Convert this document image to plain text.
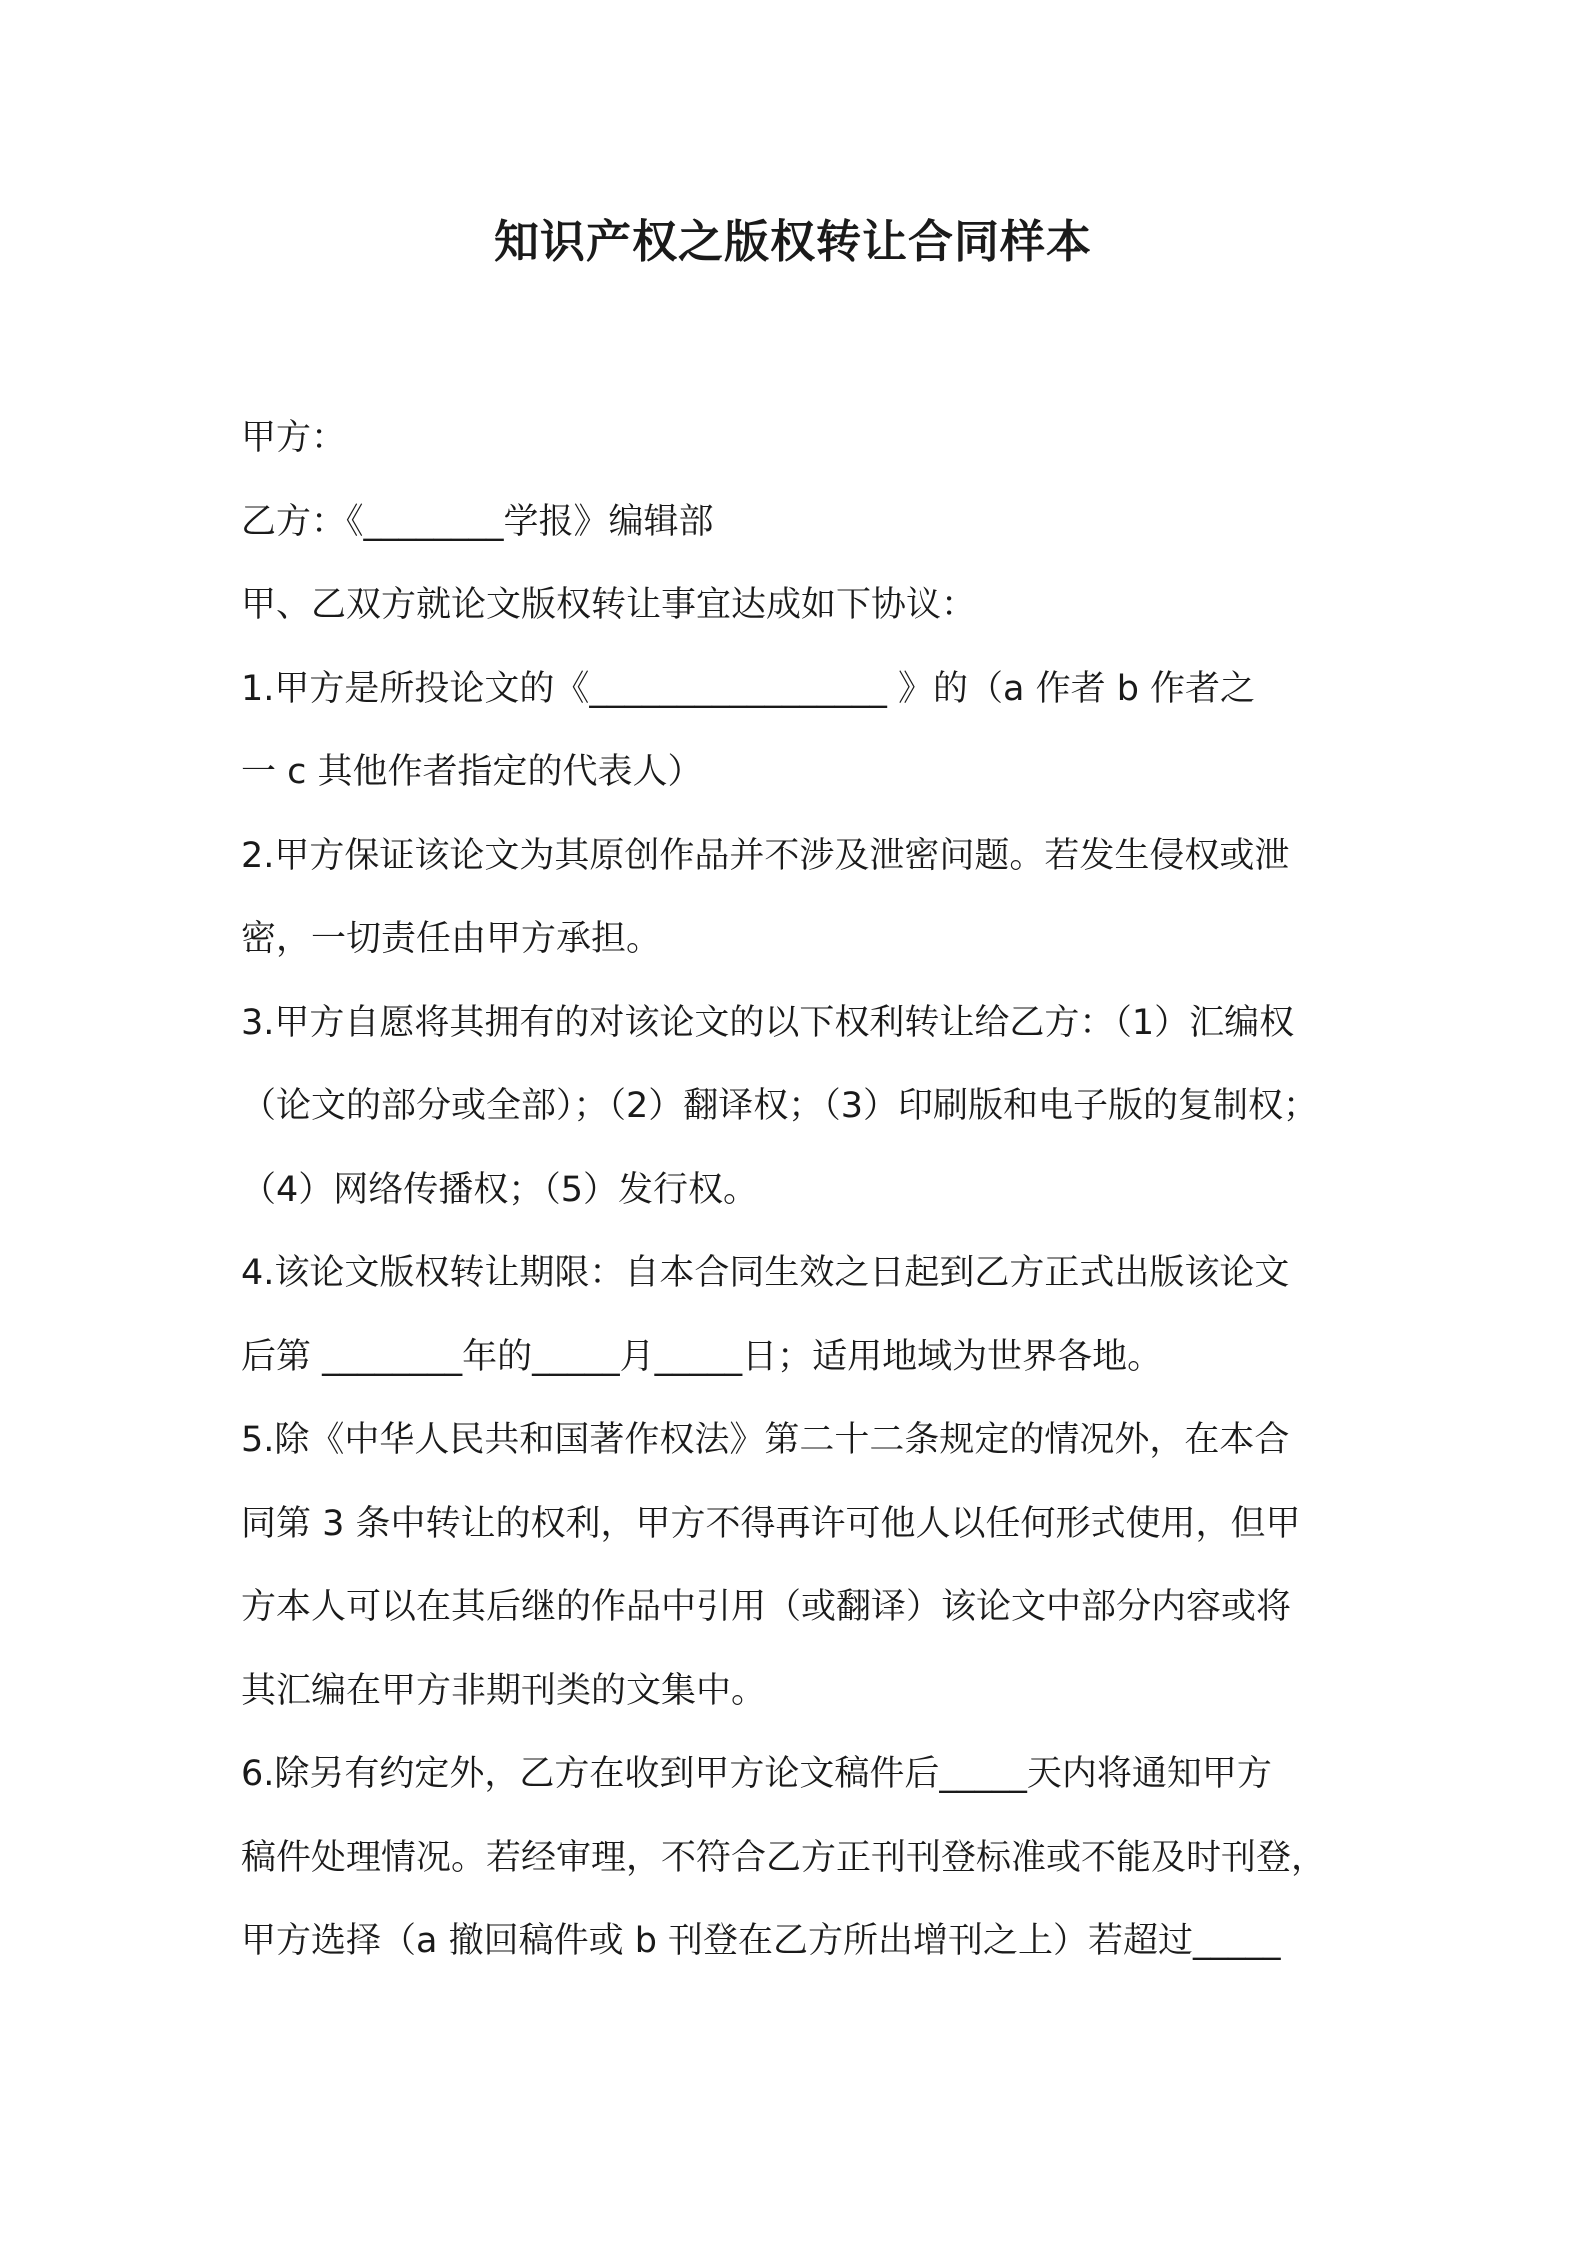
知识产权之版权转让合同样本
甲方：
乙方：《________学报》编辑部
甲、乙双方就论文版权转让事宜达成如下协议：
1.甲方是所投论文的《_________________ 》的（a 作者 b 作者之
一 c 其他作者指定的代表人）
2.甲方保证该论文为其原创作品并不涉及泄密问题。若发生侵权或泄
密，一切责任由甲方承担。
3.甲方自愿将其拥有的对该论文的以下权利转让给乙方：（1）汇编权
（论文的部分或全部）；（2）翻译权；（3）印刷版和电子版的复制权；
（4）网络传播权；（5）发行权。
4.该论文版权转让期限：自本合同生效之日起到乙方正式出版该论文
后第 ________年的_____月_____日；适用地域为世界各地。
5.除《中华人民共和国著作权法》第二十二条规定的情况外，在本合
同第 3 条中转让的权利，甲方不得再许可他人以任何形式使用，但甲
方本人可以在其后继的作品中引用（或翻译）该论文中部分内容或将
其汇编在甲方非期刊类的文集中。
6.除另有约定外，乙方在收到甲方论文稿件后_____天内将通知甲方
稿件处理情况。若经审理，不符合乙方正刊刊登标准或不能及时刊登，
甲方选择（a 撤回稿件或 b 刊登在乙方所出增刊之上）若超过_____
